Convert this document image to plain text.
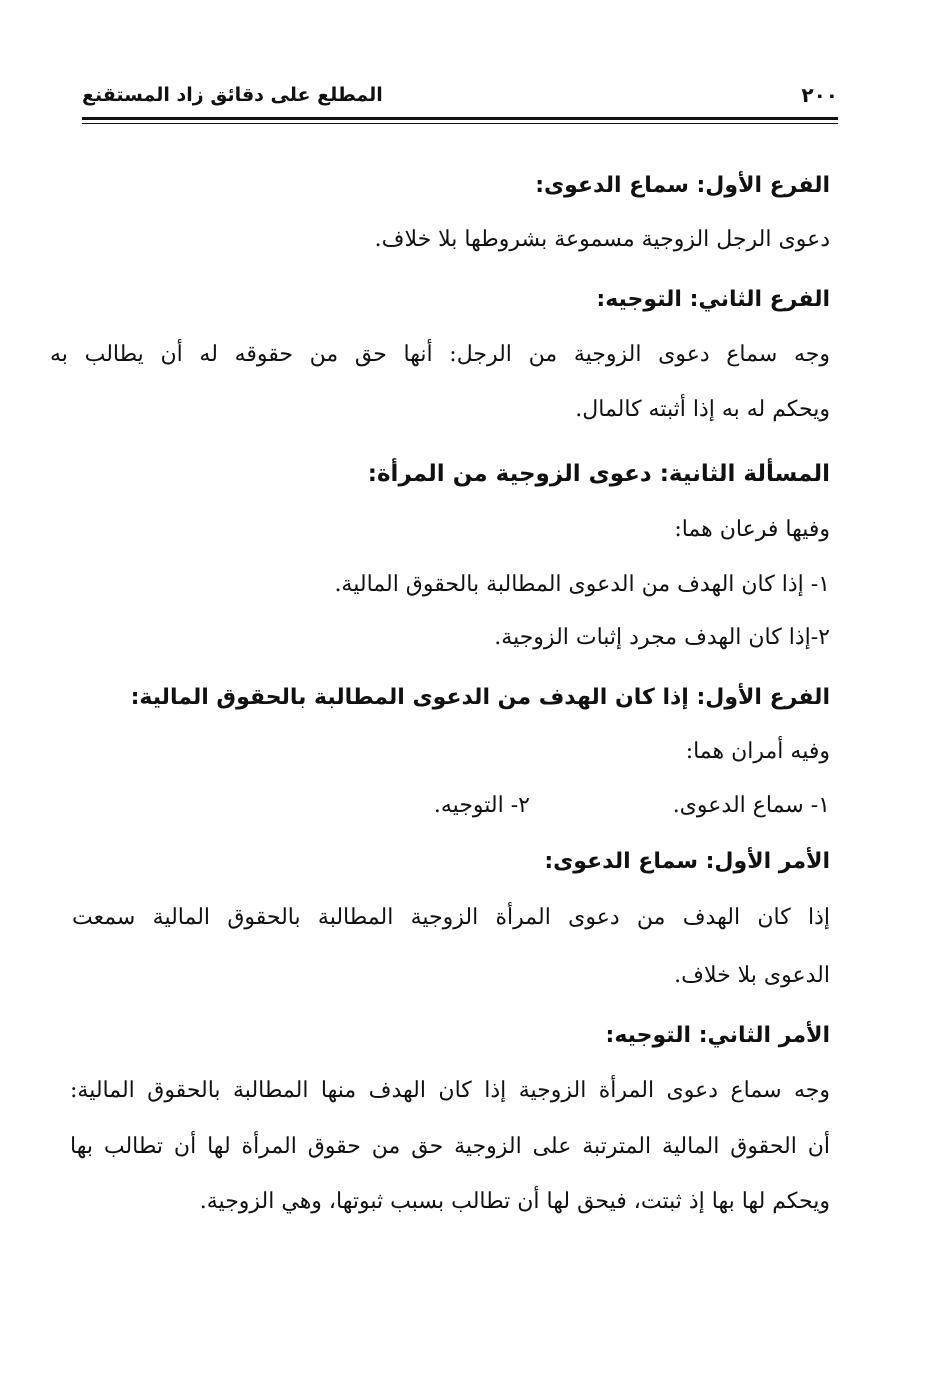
٢٠٠
المطلع على دقائق زاد المستقنع
الفرع الأول: سماع الدعوى:
دعوى الرجل الزوجية مسموعة بشروطها بلا خلاف.
الفرع الثاني: التوجيه:
وجه سماع دعوى الزوجية من الرجل: أنها حق من حقوقه له أن يطالب به
ويحكم له به إذا أثبته كالمال.
المسألة الثانية: دعوى الزوجية من المرأة:
وفيها فرعان هما:
١- إذا كان الهدف من الدعوى المطالبة بالحقوق المالية.
٢-إذا كان الهدف مجرد إثبات الزوجية.
الفرع الأول: إذا كان الهدف من الدعوى المطالبة بالحقوق المالية:
وفيه أمران هما:
١- سماع الدعوى.
٢- التوجيه.
الأمر الأول: سماع الدعوى:
إذا كان الهدف من دعوى المرأة الزوجية المطالبة بالحقوق المالية سمعت
الدعوى بلا خلاف.
الأمر الثاني: التوجيه:
وجه سماع دعوى المرأة الزوجية إذا كان الهدف منها المطالبة بالحقوق المالية:
أن الحقوق المالية المترتبة على الزوجية حق من حقوق المرأة لها أن تطالب بها
ويحكم لها بها إذ ثبتت، فيحق لها أن تطالب بسبب ثبوتها، وهي الزوجية.
